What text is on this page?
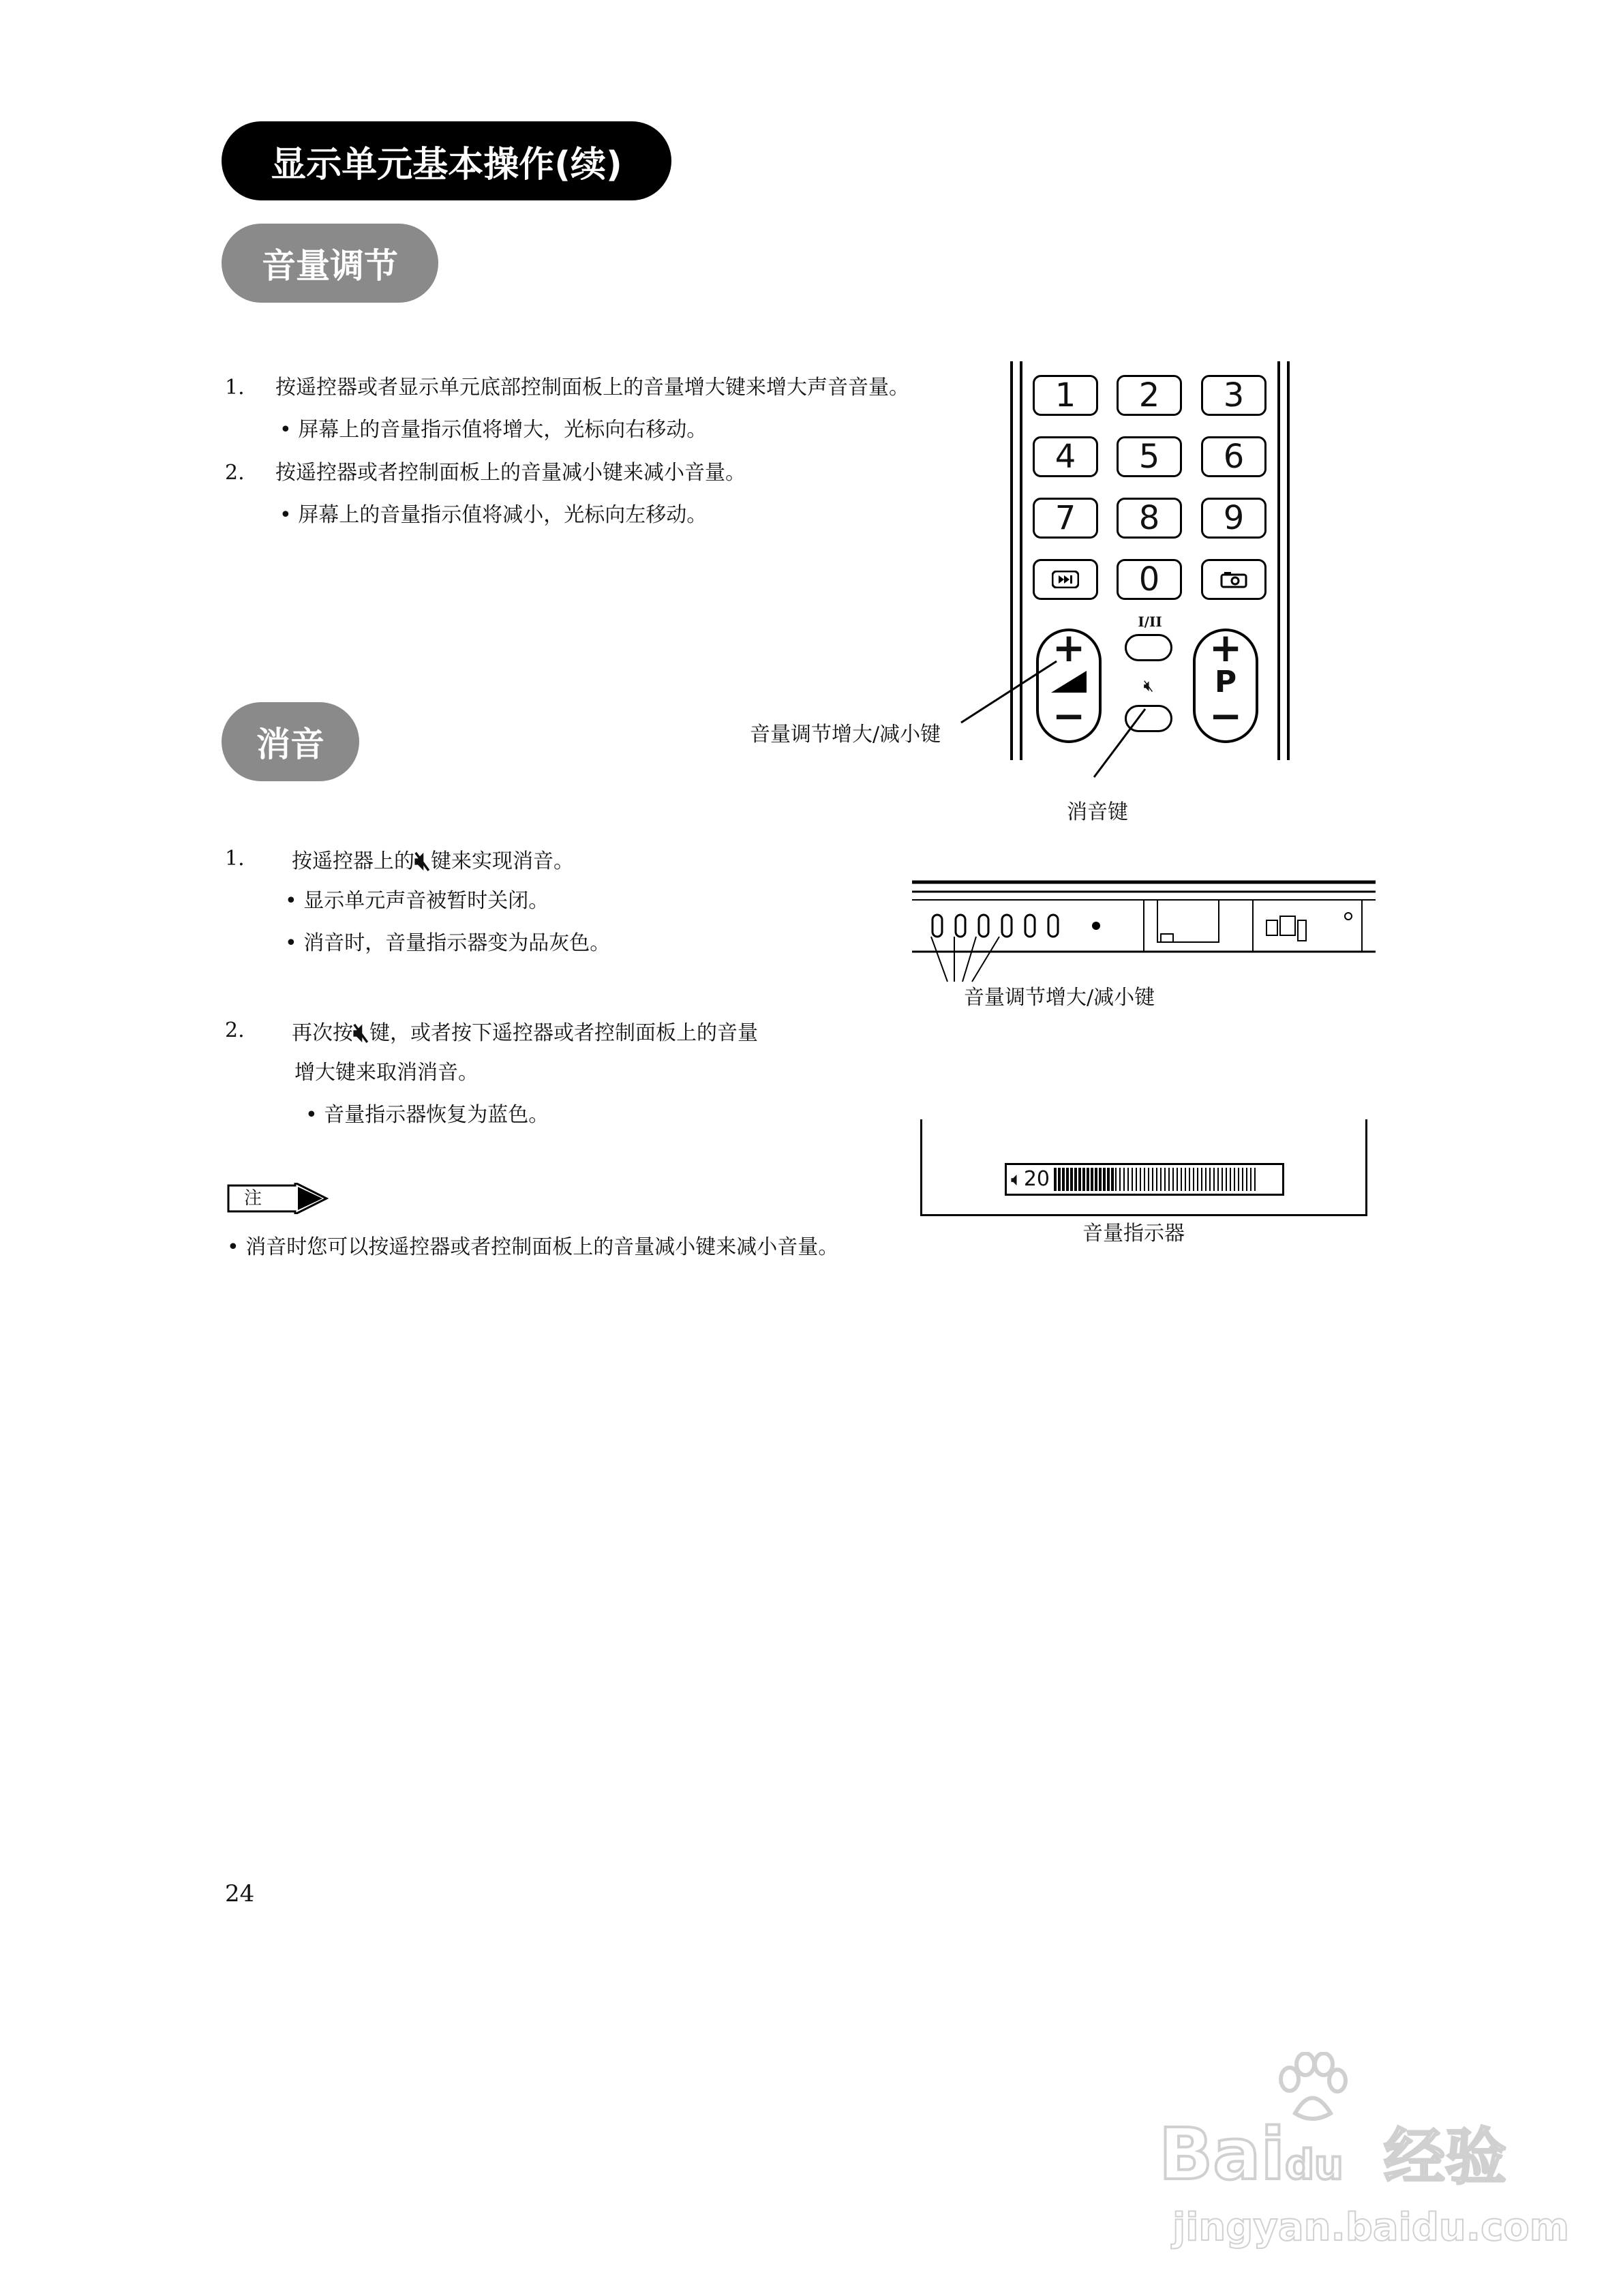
显示单元基本操作(续)
音量调节
1. 按遥控器或者显示单元底部控制面板上的音量增大键来增大声音音量。
• 屏幕上的音量指示值将增大，光标向右移动。
2. 按遥控器或者控制面板上的音量减小键来减小音量。
• 屏幕上的音量指示值将减小，光标向左移动。
消音
1. 按遥控器上的🔇︎键来实现消音。
• 显示单元声音被暂时关闭。
• 消音时，音量指示器变为品灰色。
2. 再次按🔇︎键，或者按下遥控器或者控制面板上的音量
增大键来取消消音。
• 音量指示器恢复为蓝色。
注
• 消音时您可以按遥控器或者控制面板上的音量减小键来减小音量。
1 2 3
4 5 6
7 8 9
0
+
−
I/II
🔇︎
+
P
−
音量调节增大/减小键
消音键
音量调节增大/减小键
🔈︎ 20
音量指示器
24
Baidu 经验
jingyan.baidu.com
